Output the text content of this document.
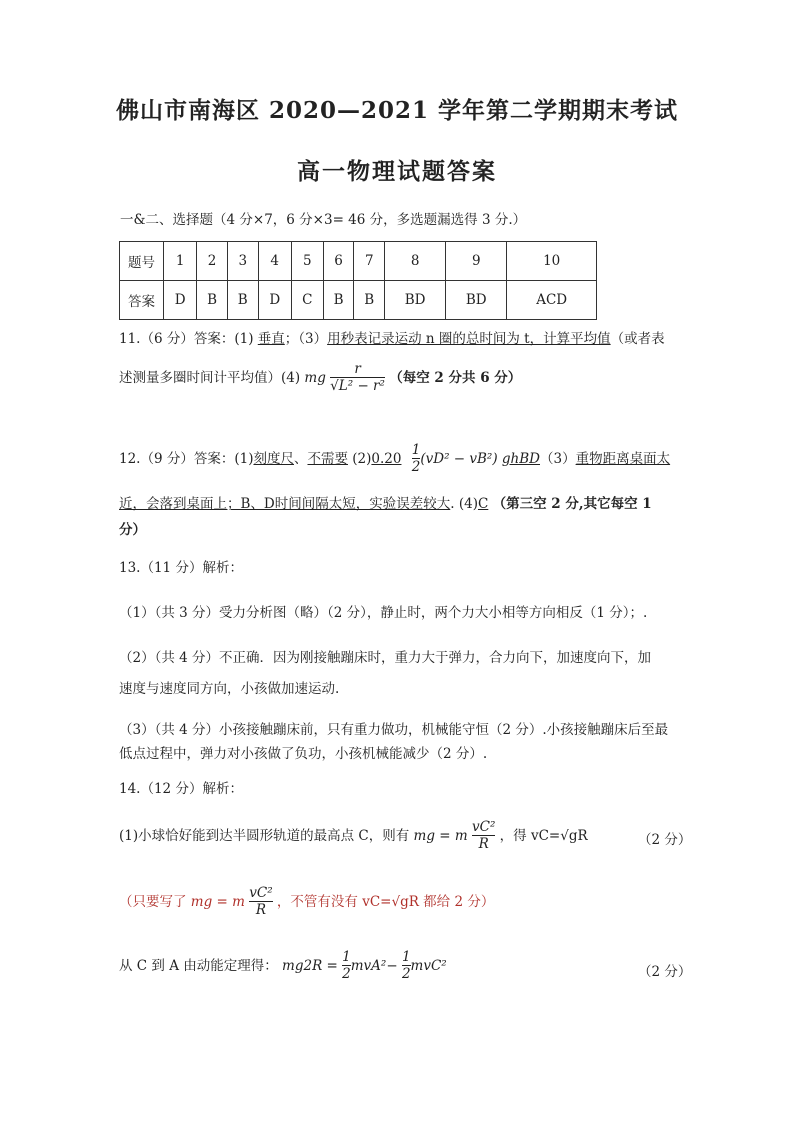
佛山市南海区 2020—2021 学年第二学期期末考试
高一物理试题答案
一&二、选择题（4 分×7，6 分×3= 46 分，多选题漏选得 3 分.）
题号	1	2	3	4	5	6	7	8	9	10
答案	D	B	B	D	C	B	B	BD	BD	ACD
11.（6 分）答案：(1) 垂直；（3）用秒表记录运动 n 圈的总时间为 t，计算平均值（或者表
述测量多圈时间计平均值）(4) mg $\frac{r}{\text{√L² − r²}}$ （每空 2 分共 6 分）
12.（9 分）答案：(1)刻度尺、不需要 $(2)0.20 \frac{1}{2} (vD^2 - vB^2)$ ghBD（3）重物距离桌面太
近，会落到桌面上；B、D时间间隔太短，实验误差较大. (4)C （第三空 2 分,其它每空 1
分）
13.（11 分）解析：
（1）（共 3 分）受力分析图（略）（2 分），静止时，两个力大小相等方向相反（1 分）；.
（2）（共 4 分）不正确．因为刚接触蹦床时，重力大于弹力，合力向下，加速度向下，加
速度与速度同方向，小孩做加速运动.
（3）（共 4 分）小孩接触蹦床前，只有重力做功，机械能守恒（2 分）.小孩接触蹦床后至最
低点过程中，弹力对小孩做了负功，小孩机械能减少（2 分）.
14.（12 分）解析：
(1)小球恰好能到达半圆形轨道的最高点 C，则有 mg = m $\frac{\text{vC²}}{R}$ ，得 vC=√gR	（2 分）
（只要写了 mg = m $\frac{\text{vC²}}{R}$ ，不管有没有 vC=√gR 都给 2 分）
从 C 到 A 由动能定理得： $mg2R = \frac{1}{2} mvA^2- \frac{1}{2} mvC^2$	（2 分）
